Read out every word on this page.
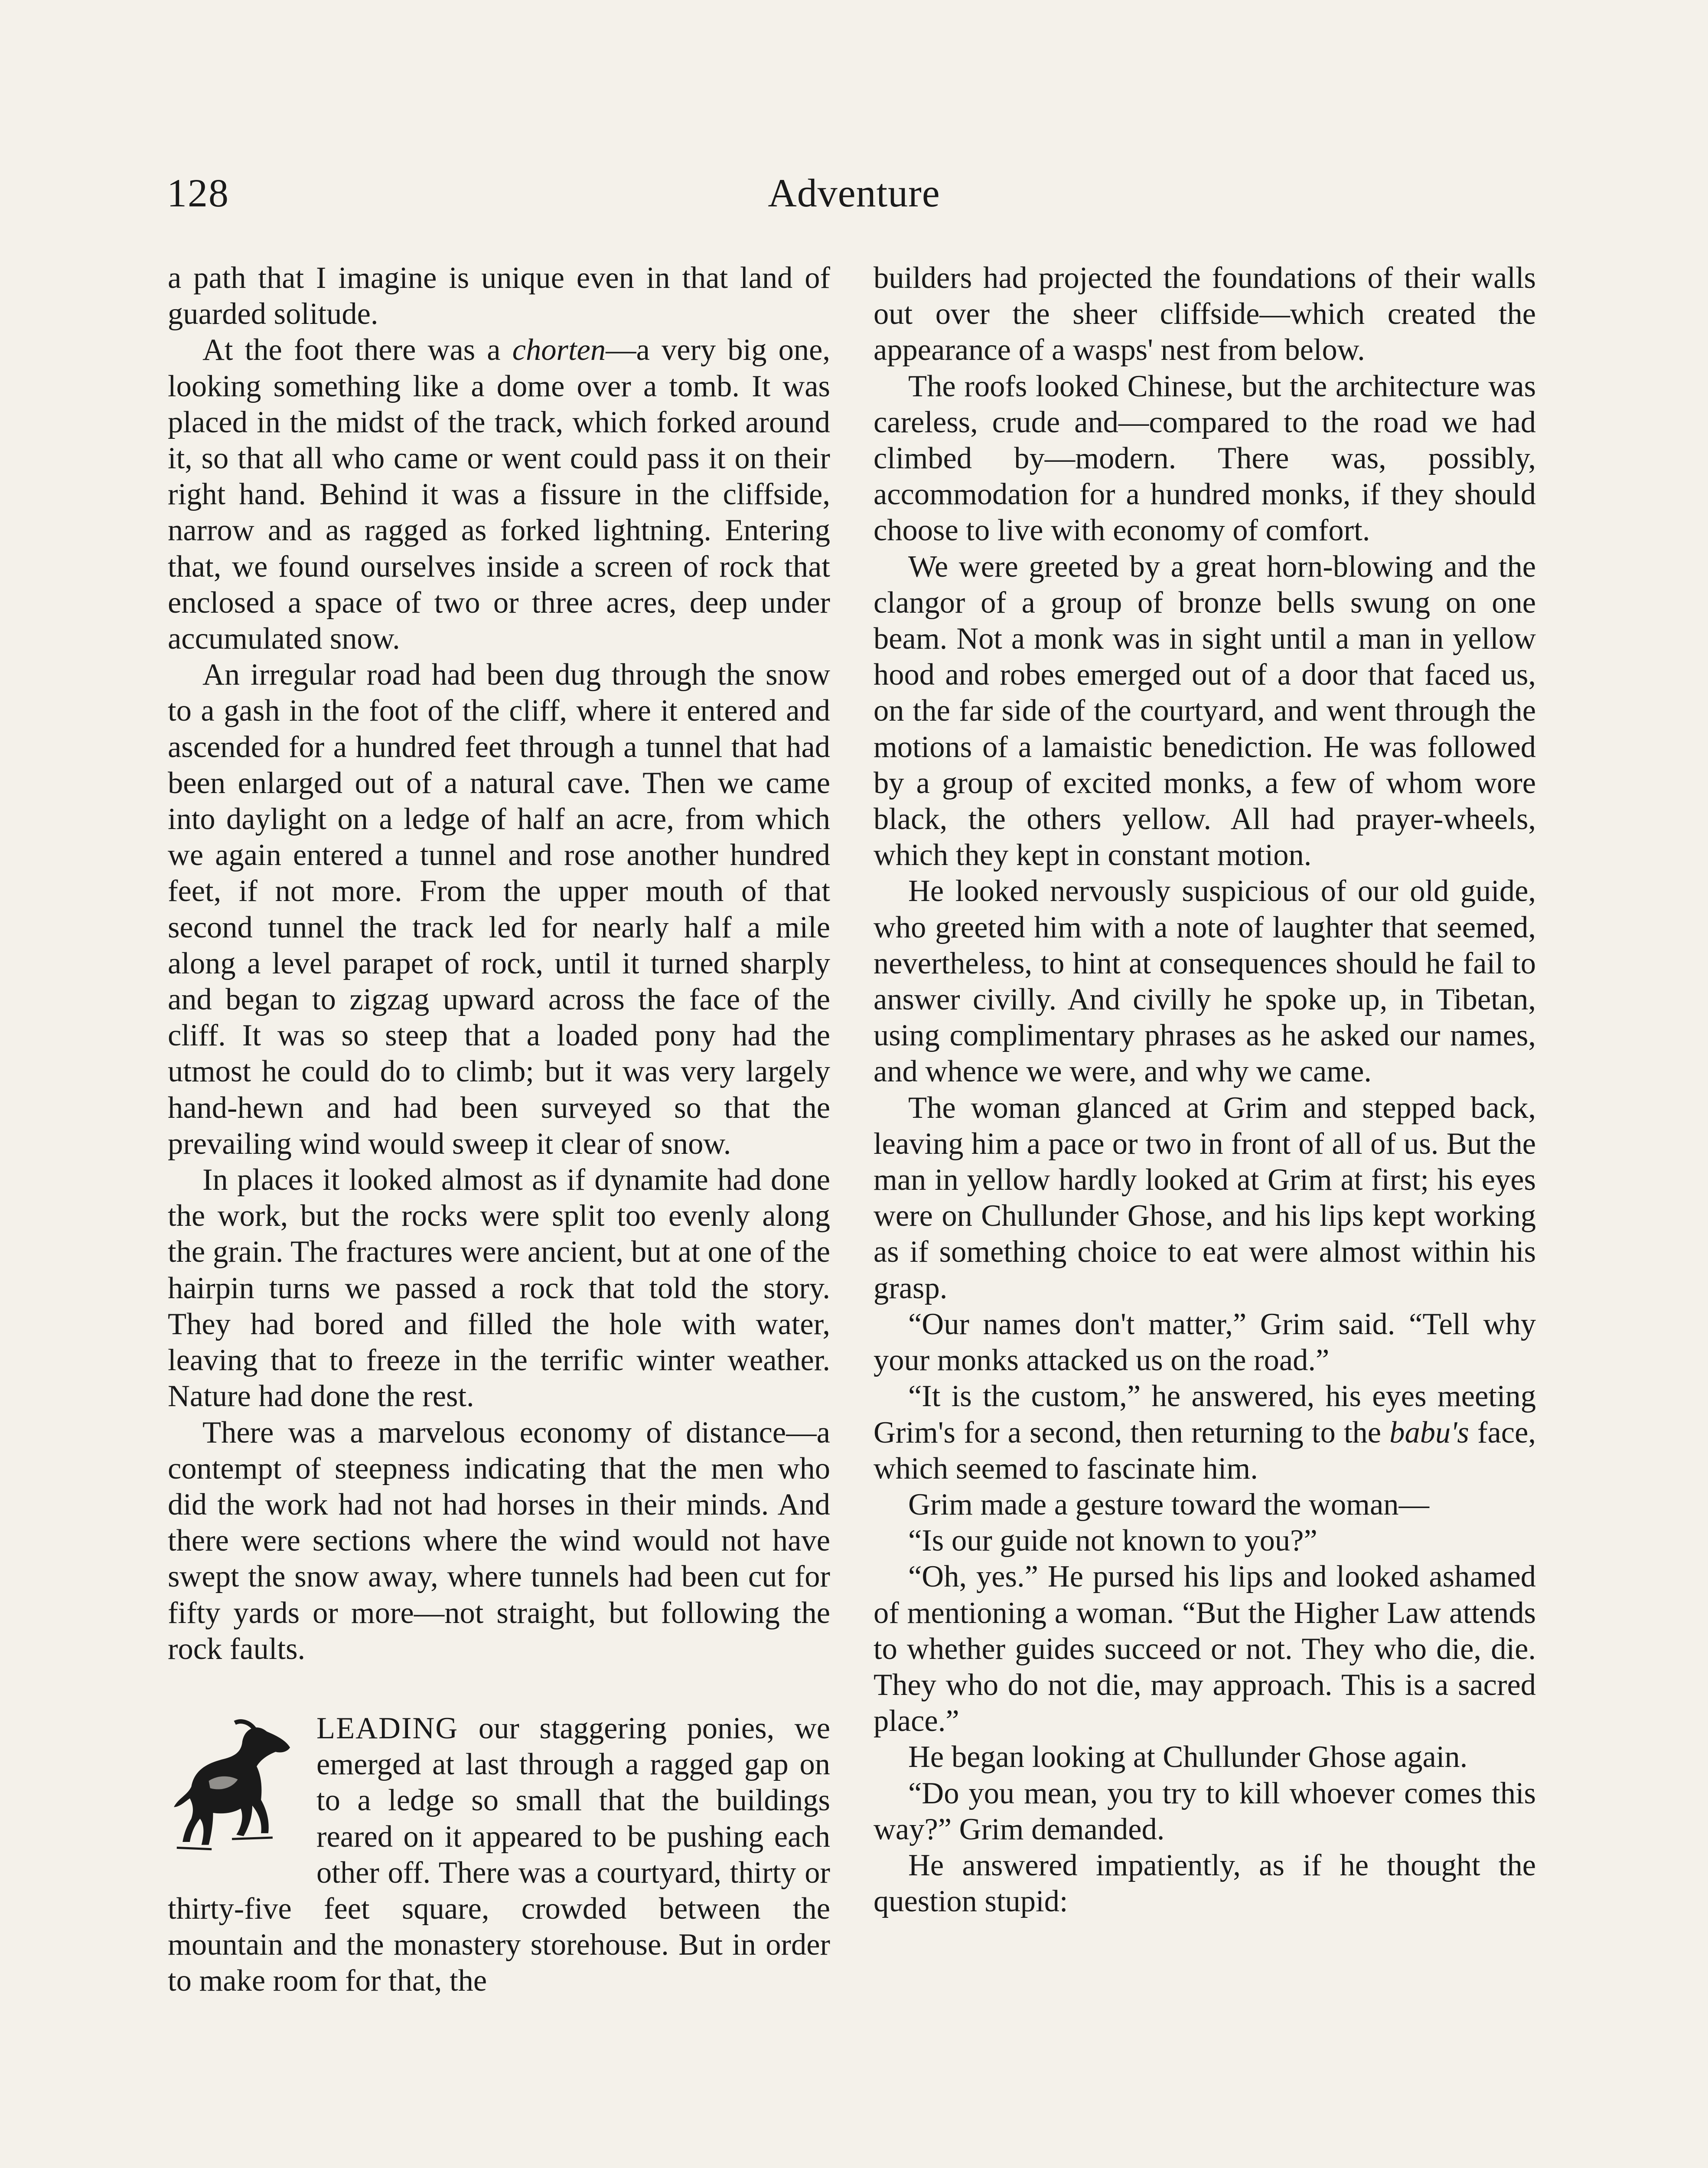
128	Adventure

a path that I imagine is unique even in that land of guarded solitude.

At the foot there was a chorten—a very big one, looking something like a dome over a tomb. It was placed in the midst of the track, which forked around it, so that all who came or went could pass it on their right hand. Behind it was a fissure in the cliffside, narrow and as ragged as forked lightning. Entering that, we found ourselves inside a screen of rock that enclosed a space of two or three acres, deep under accumulated snow.

An irregular road had been dug through the snow to a gash in the foot of the cliff, where it entered and ascended for a hundred feet through a tunnel that had been enlarged out of a natural cave. Then we came into daylight on a ledge of half an acre, from which we again entered a tunnel and rose another hundred feet, if not more. From the upper mouth of that second tunnel the track led for nearly half a mile along a level parapet of rock, until it turned sharply and began to zigzag upward across the face of the cliff. It was so steep that a loaded pony had the utmost he could do to climb; but it was very largely hand-hewn and had been surveyed so that the prevailing wind would sweep it clear of snow.

In places it looked almost as if dynamite had done the work, but the rocks were split too evenly along the grain. The fractures were ancient, but at one of the hairpin turns we passed a rock that told the story. They had bored and filled the hole with water, leaving that to freeze in the terrific winter weather. Nature had done the rest.

There was a marvelous economy of distance—a contempt of steepness indicating that the men who did the work had not had horses in their minds. And there were sections where the wind would not have swept the snow away, where tunnels had been cut for fifty yards or more—not straight, but following the rock faults.

LEADING our staggering ponies, we emerged at last through a ragged gap on to a ledge so small that the buildings reared on it appeared to be pushing each other off. There was a courtyard, thirty or thirty-five feet square, crowded between the mountain and the monastery storehouse. But in order to make room for that, the

builders had projected the foundations of their walls out over the sheer cliffside—which created the appearance of a wasps' nest from below.

The roofs looked Chinese, but the architecture was careless, crude and—compared to the road we had climbed by—modern. There was, possibly, accommodation for a hundred monks, if they should choose to live with economy of comfort.

We were greeted by a great horn-blowing and the clangor of a group of bronze bells swung on one beam. Not a monk was in sight until a man in yellow hood and robes emerged out of a door that faced us, on the far side of the courtyard, and went through the motions of a lamaistic benediction. He was followed by a group of excited monks, a few of whom wore black, the others yellow. All had prayer-wheels, which they kept in constant motion.

He looked nervously suspicious of our old guide, who greeted him with a note of laughter that seemed, nevertheless, to hint at consequences should he fail to answer civilly. And civilly he spoke up, in Tibetan, using complimentary phrases as he asked our names, and whence we were, and why we came.

The woman glanced at Grim and stepped back, leaving him a pace or two in front of all of us. But the man in yellow hardly looked at Grim at first; his eyes were on Chullunder Ghose, and his lips kept working as if something choice to eat were almost within his grasp.

“Our names don't matter,” Grim said. “Tell why your monks attacked us on the road.”

“It is the custom,” he answered, his eyes meeting Grim's for a second, then returning to the babu's face, which seemed to fascinate him.

Grim made a gesture toward the woman—

“Is our guide not known to you?”

“Oh, yes.” He pursed his lips and looked ashamed of mentioning a woman. “But the Higher Law attends to whether guides succeed or not. They who die, die. They who do not die, may approach. This is a sacred place.”

He began looking at Chullunder Ghose again.

“Do you mean, you try to kill whoever comes this way?” Grim demanded.

He answered impatiently, as if he thought the question stupid:
